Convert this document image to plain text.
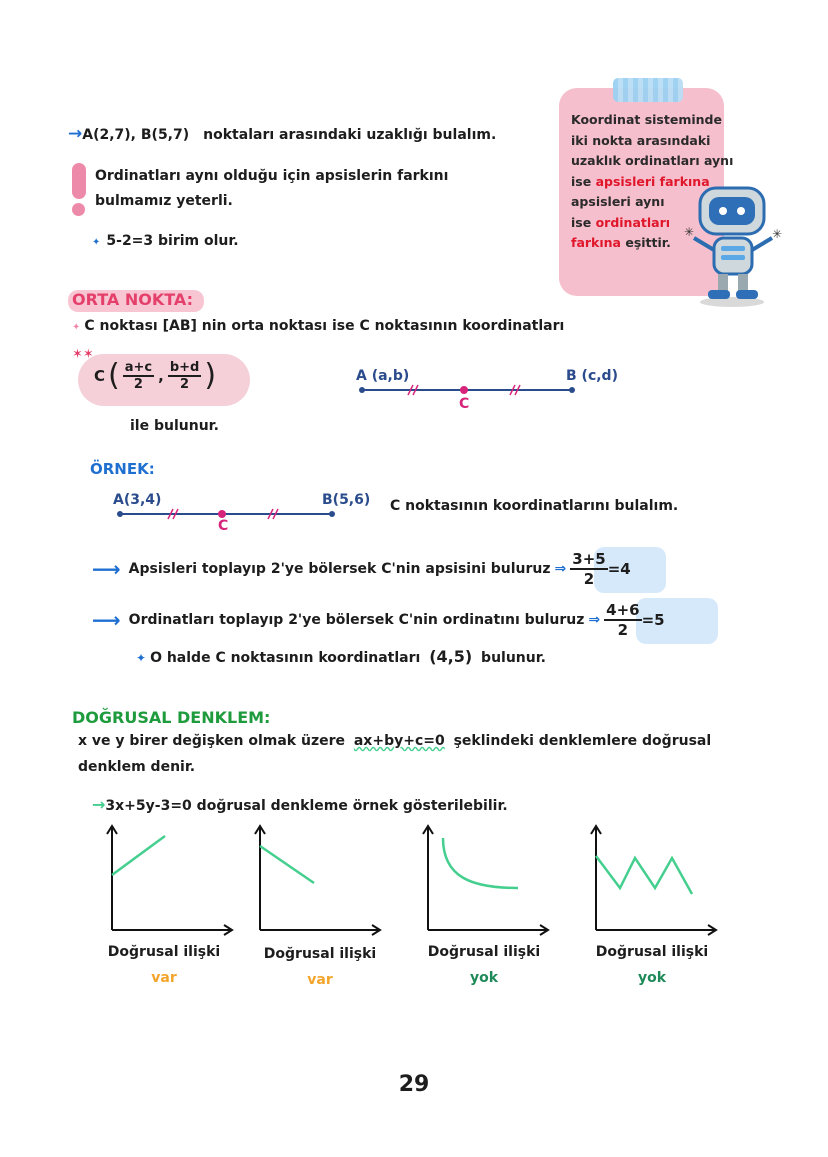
→A(2,7), B(5,7) noktaları arasındaki uzaklığı bulalım.
Ordinatları aynı olduğu için apsislerin farkını
bulmamız yeterli.
✦ 5-2=3 birim olur.
Koordinat sisteminde
iki nokta arasındaki
uzaklık ordinatları aynı
ise apsisleri farkına
apsisleri aynı
ise ordinatları
farkına eşittir.
✳	✳
ORTA NOKTA:
✦ C noktası [AB] nin orta noktası ise C noktasının koordinatları
✶✶
C ( $\frac{a+c}{2}$ , $\frac{b+d}{2}$ )
ile bulunur.
A (a,b)	B (c,d)
C
ÖRNEK:
A(3,4)	B(5,6)
C
C noktasının koordinatlarını bulalım.
⟶ Apsisleri toplayıp 2'ye bölersek C'nin apsisini buluruz ⇒ $\frac{3+5}{2} =4$
⟶ Ordinatları toplayıp 2'ye bölersek C'nin ordinatını buluruz ⇒ $\frac{4+6}{2} =5$
✦ O halde C noktasının koordinatları (4,5) bulunur.
DOĞRUSAL DENKLEM:
x ve y birer değişken olmak üzere ax+by+c=0 şeklindeki denklemlere doğrusal
denklem denir.
→3x+5y-3=0 doğrusal denkleme örnek gösterilebilir.
Doğrusal ilişki
var
Doğrusal ilişki
var
Doğrusal ilişki
yok
Doğrusal ilişki
yok
29
